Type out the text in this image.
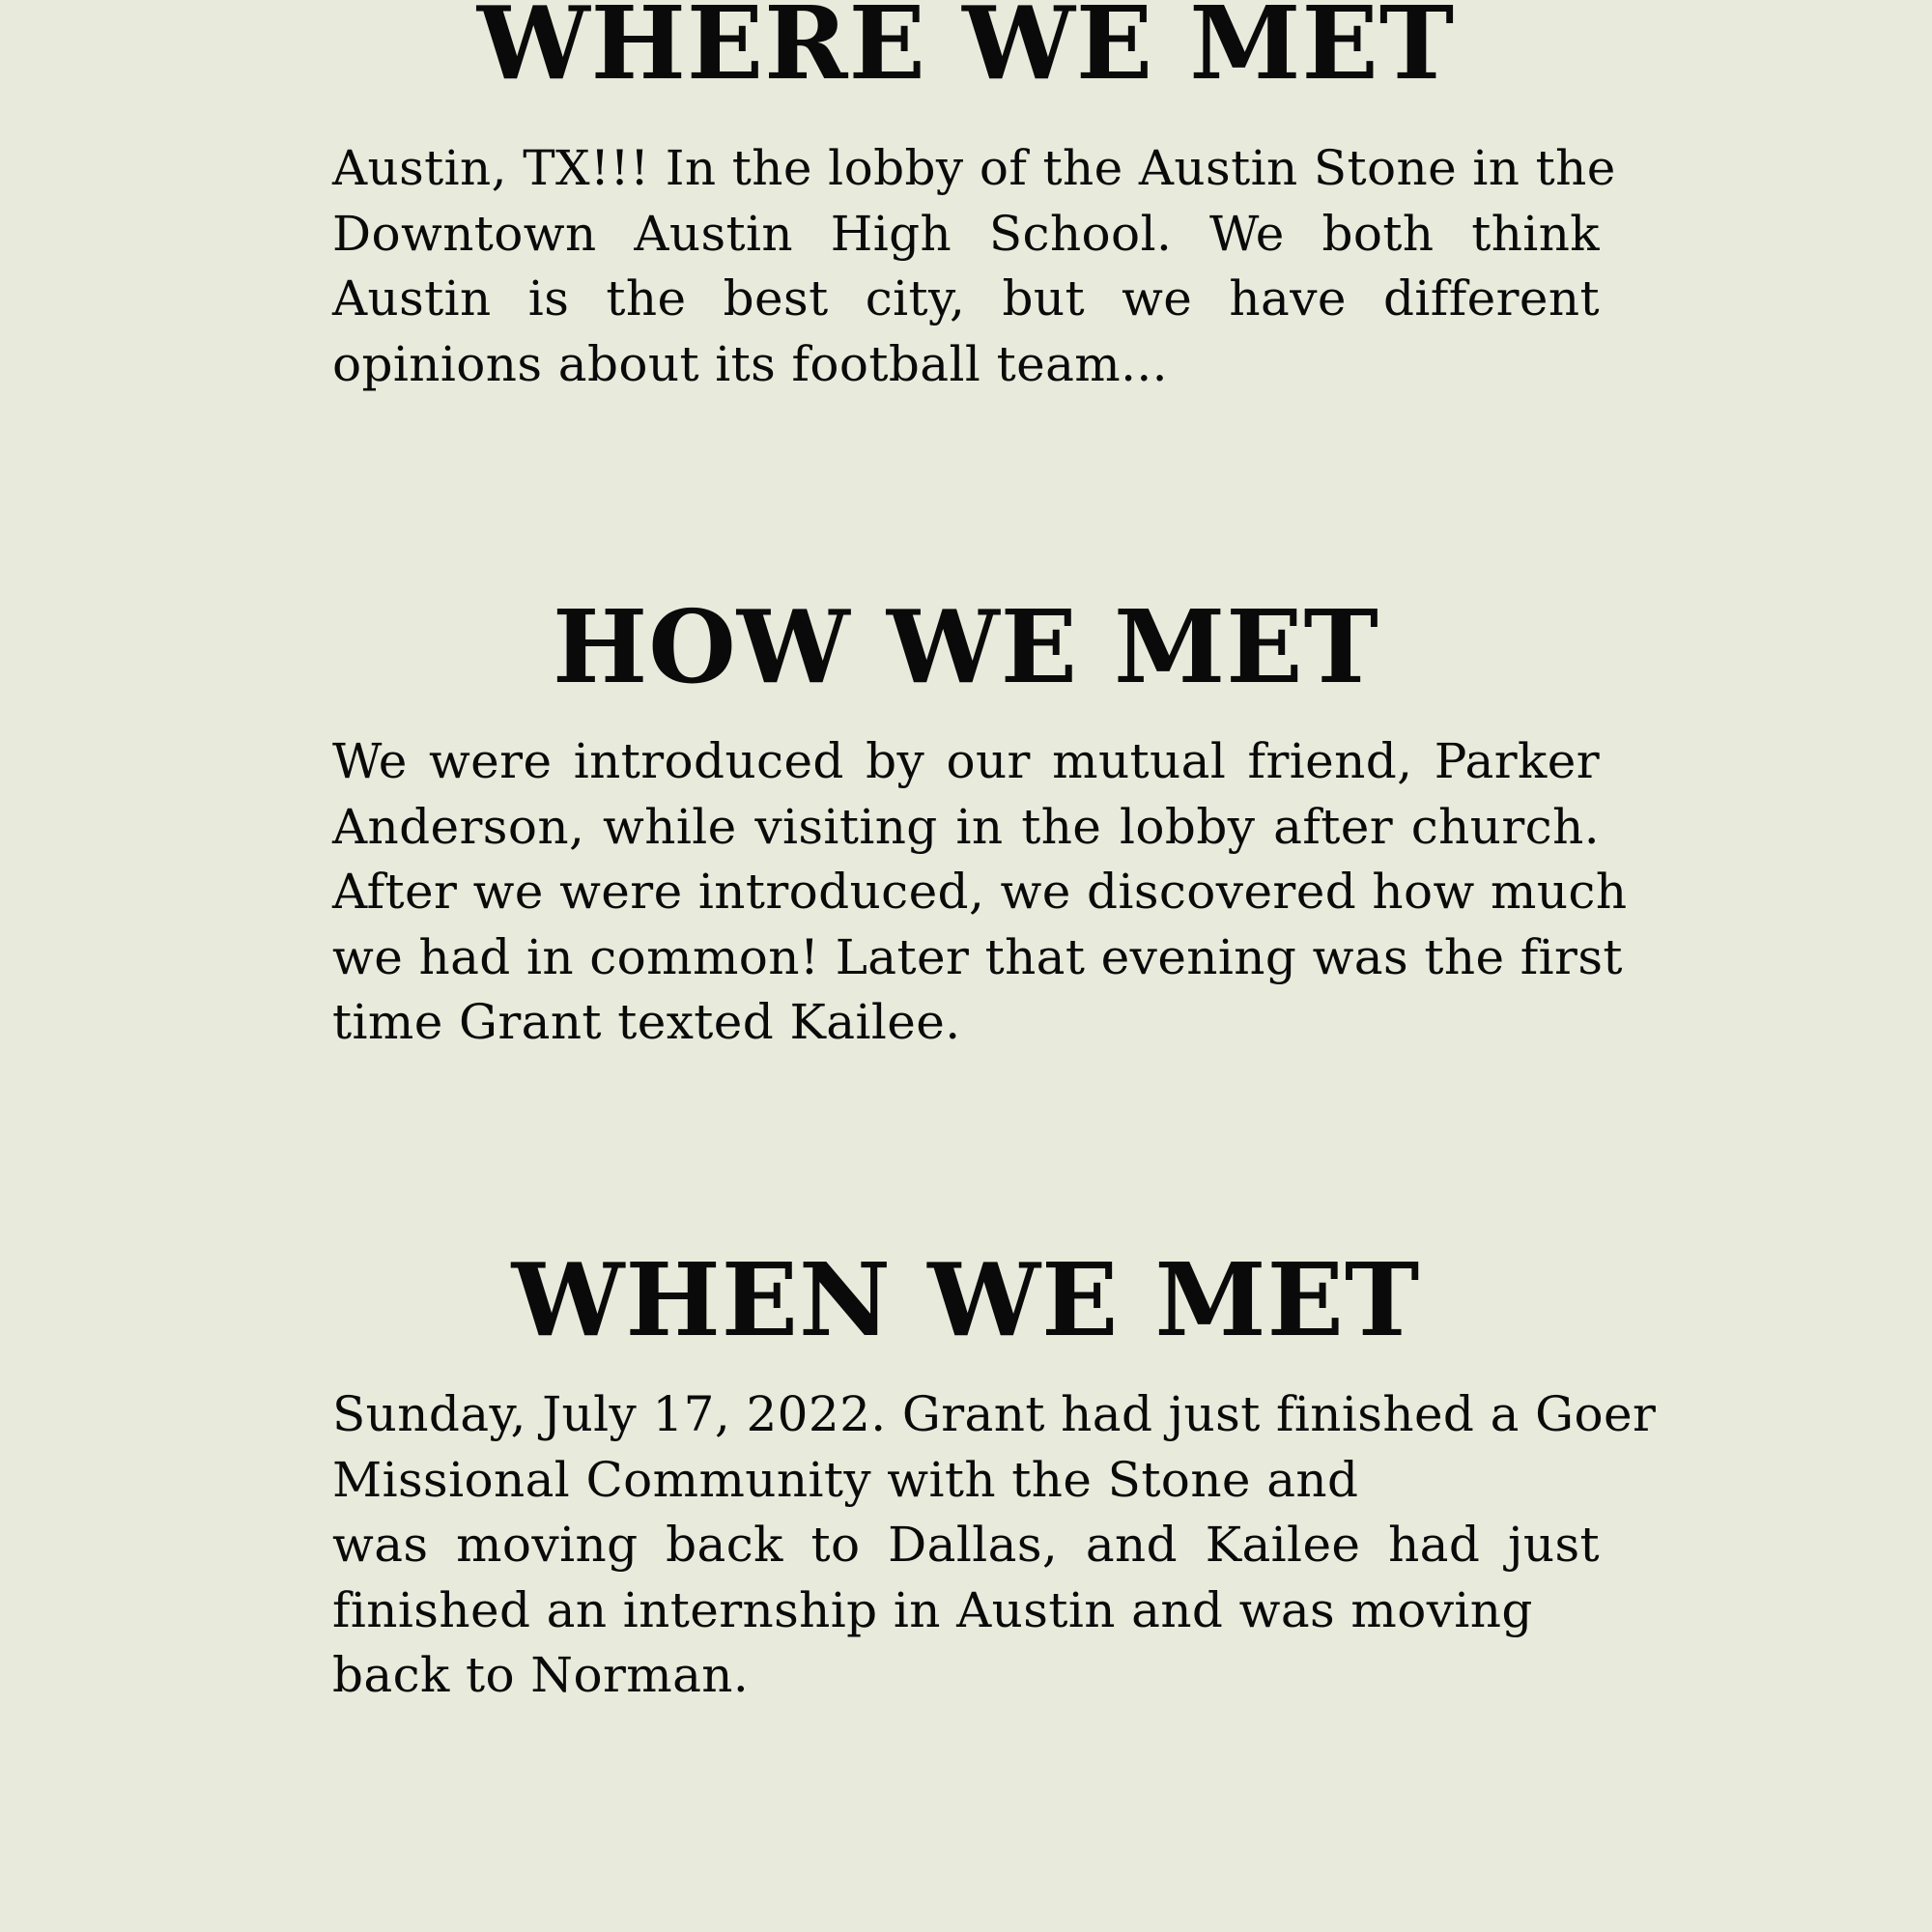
WHERE WE MET
Austin, TX!!! In the lobby of the Austin Stone in the
Downtown Austin High School. We both think
Austin is the best city, but we have different
opinions about its football team...
HOW WE MET
We were introduced by our mutual friend, Parker
Anderson, while visiting in the lobby after church.
After we were introduced, we discovered how much
we had in common! Later that evening was the first
time Grant texted Kailee.
WHEN WE MET
Sunday, July 17, 2022. Grant had just finished a Goer
Missional Community with the Stone and
was moving back to Dallas, and Kailee had just
finished an internship in Austin and was moving
back to Norman.
